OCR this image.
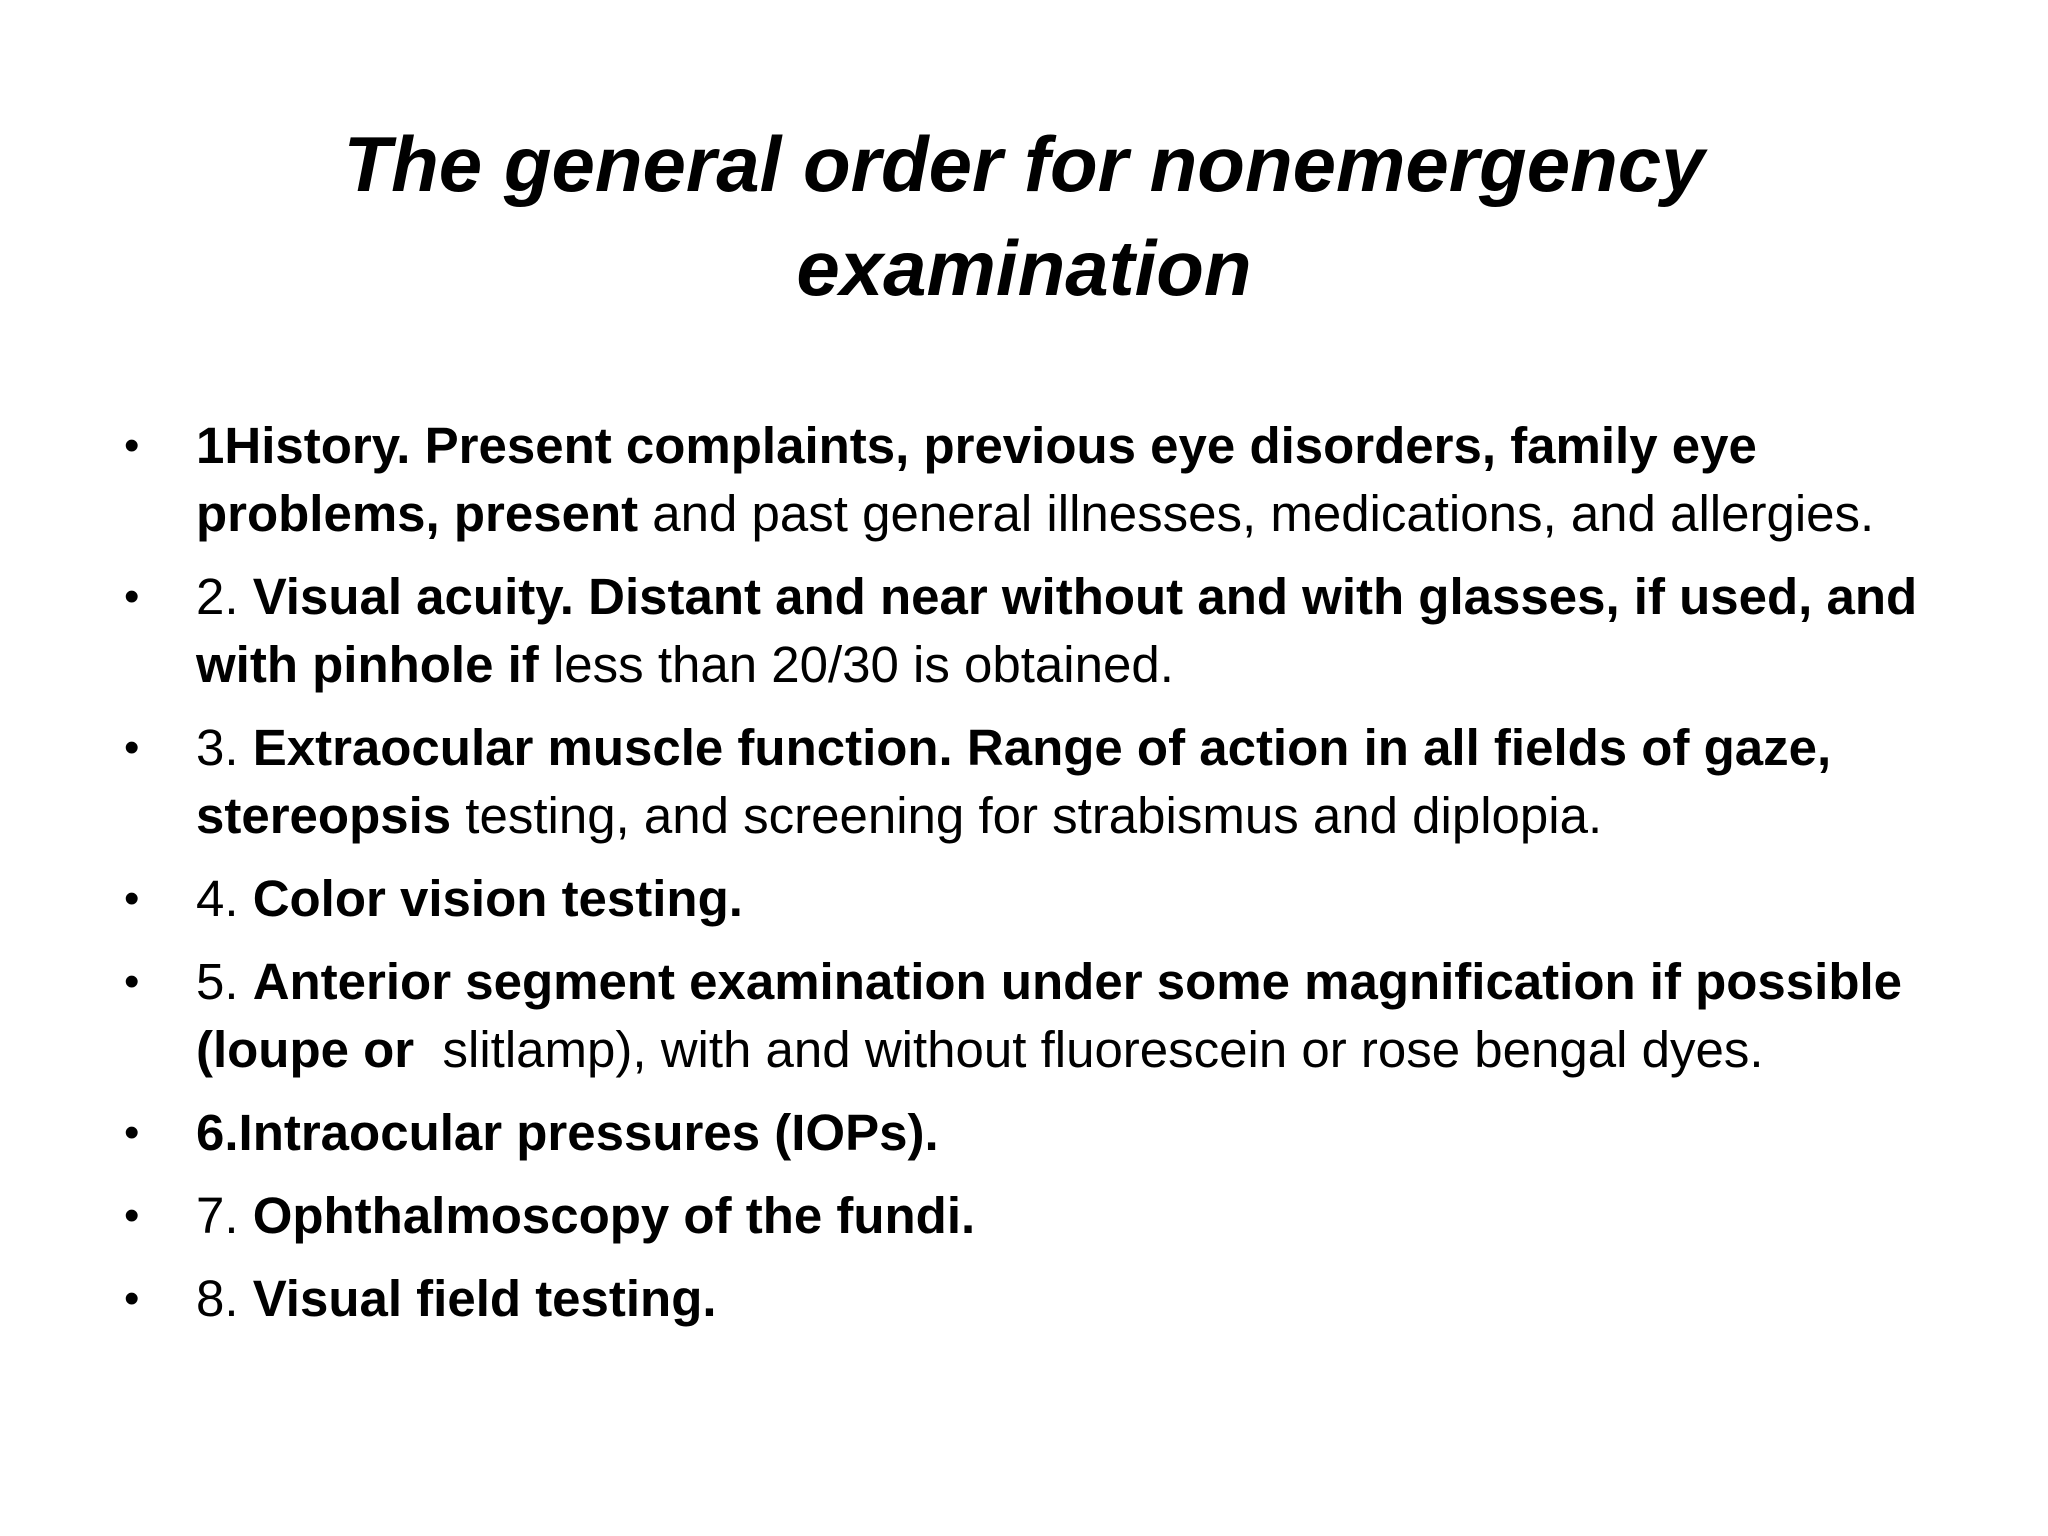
The general order for nonemergency
examination
• 1History. Present complaints, previous eye disorders, family eye problems, present and past general illnesses, medications, and allergies.
• 2. Visual acuity. Distant and near without and with glasses, if used, and with pinhole if less than 20/30 is obtained.
• 3. Extraocular muscle function. Range of action in all fields of gaze, stereopsis testing, and screening for strabismus and diplopia.
• 4. Color vision testing.
• 5. Anterior segment examination under some magnification if possible (loupe or  slitlamp), with and without fluorescein or rose bengal dyes.
• 6.Intraocular pressures (IOPs).
• 7. Ophthalmoscopy of the fundi.
• 8. Visual field testing.
